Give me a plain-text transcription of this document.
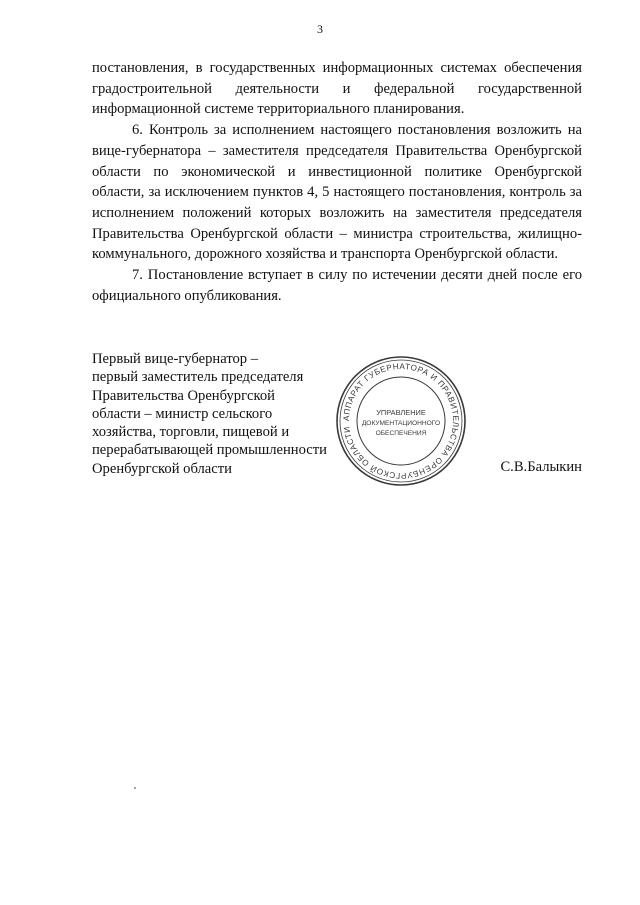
3

постановления, в государственных информационных системах обеспечения
градостроительной деятельности и федеральной государственной
информационной системе территориального планирования.

6. Контроль за исполнением настоящего постановления возложить на вице-губернатора – заместителя председателя Правительства Оренбургской области по экономической и инвестиционной политике Оренбургской области, за исключением пунктов 4, 5 настоящего постановления, контроль за исполнением положений которых возложить на заместителя председателя Правительства Оренбургской области – министра строительства, жилищно-коммунального, дорожного хозяйства и транспорта Оренбургской области.

7. Постановление вступает в силу по истечении десяти дней после его официального опубликования.

Первый вице-губернатор –
первый заместитель председателя
Правительства Оренбургской
области – министр сельского
хозяйства, торговли, пищевой и
перерабатывающей промышленности
Оренбургской области
АППАРАТ ГУБЕРНАТОРА И ПРАВИТЕЛЬСТВА ОРЕНБУРГСКОЙ ОБЛАСТИ
УПРАВЛЕНИЕ
ДОКУМЕНТАЦИОННОГО
ОБЕСПЕЧЕНИЯ
С.В.Балыкин
